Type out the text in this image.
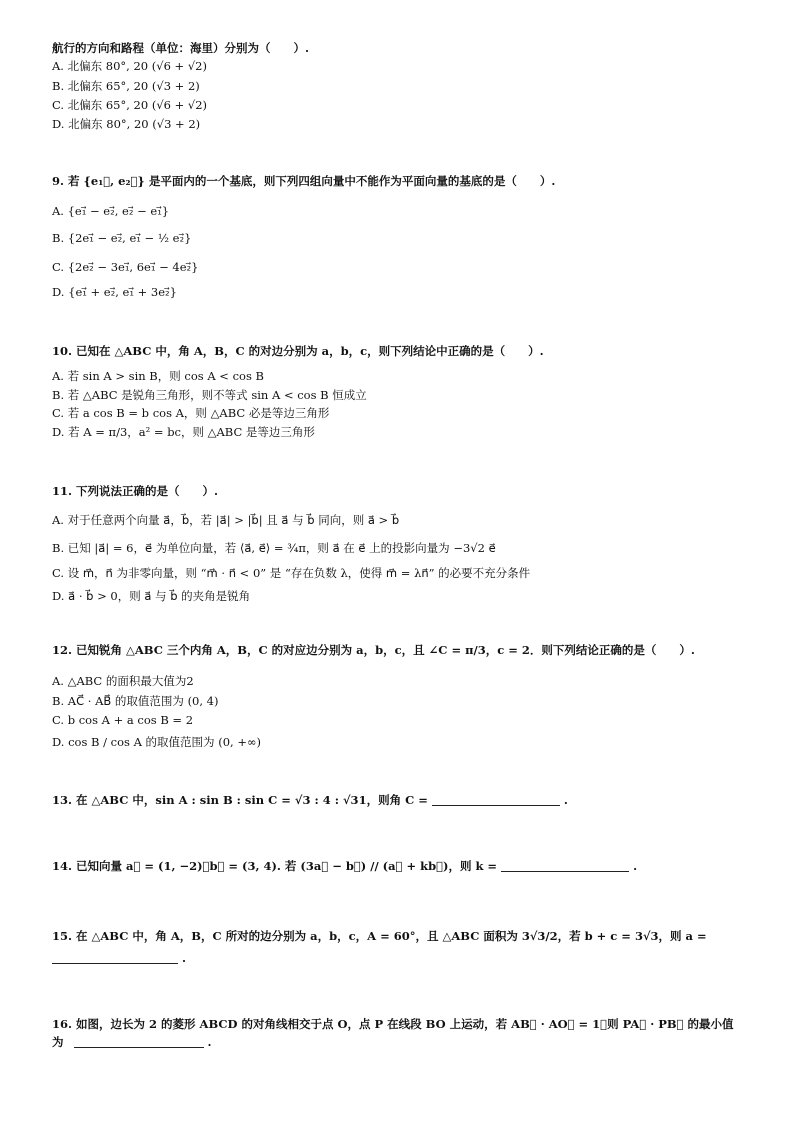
航行的方向和路程（单位：海里）分别为（　　）.
A. 北偏东 80°, 20 (√6 + √2)
B. 北偏东 65°, 20 (√3 + 2)
C. 北偏东 65°, 20 (√6 + √2)
D. 北偏东 80°, 20 (√3 + 2)
9. 若 {e₁⃗, e₂⃗} 是平面内的一个基底，则下列四组向量中不能作为平面向量的基底的是（　　）.
A. {e₁⃗ − e₂⃗, e₂⃗ − e₁⃗}
B. {2e₁⃗ − e₂⃗, e₁⃗ − ½ e₂⃗}
C. {2e₂⃗ − 3e₁⃗, 6e₁⃗ − 4e₂⃗}
D. {e₁⃗ + e₂⃗, e₁⃗ + 3e₂⃗}
10. 已知在 △ABC 中，角 A，B，C 的对边分别为 a，b，c，则下列结论中正确的是（　　）.
A. 若 sin A > sin B，则 cos A < cos B
B. 若 △ABC 是锐角三角形，则不等式 sin A < cos B 恒成立
C. 若 a cos B = b cos A，则 △ABC 必是等边三角形
D. 若 A = π/3，a² = bc，则 △ABC 是等边三角形
11. 下列说法正确的是（　　）.
A. 对于任意两个向量 a⃗，b⃗，若 |a⃗| > |b⃗| 且 a⃗ 与 b⃗ 同向，则 a⃗ > b⃗
B. 已知 |a⃗| = 6，e⃗ 为单位向量，若 ⟨a⃗, e⃗⟩ = ¾π，则 a⃗ 在 e⃗ 上的投影向量为 −3√2 e⃗
C. 设 m⃗，n⃗ 为非零向量，则 “m⃗ · n⃗ < 0” 是 “存在负数 λ，使得 m⃗ = λn⃗” 的必要不充分条件
D. a⃗ · b⃗ > 0，则 a⃗ 与 b⃗ 的夹角是锐角
12. 已知锐角 △ABC 三个内角 A，B，C 的对应边分别为 a，b，c，且 ∠C = π/3，c = 2．则下列结论正确的是（　　）.
A. △ABC 的面积最大值为2
B. AC⃗ · AB⃗ 的取值范围为 (0, 4)
C. b cos A + a cos B = 2
D. cos B / cos A 的取值范围为 (0, +∞)
13. 在 △ABC 中，sin A : sin B : sin C = √3 : 4 : √31，则角 C =	.
14. 已知向量 a⃗ = (1, −2)，b⃗ = (3, 4). 若 (3a⃗ − b⃗) // (a⃗ + kb⃗)，则 k =	.
15. 在 △ABC 中，角 A，B，C 所对的边分别为 a，b，c，A = 60°，且 △ABC 面积为 3√3/2，若 b + c = 3√3，则 a =
.
16. 如图，边长为 2 的菱形 ABCD 的对角线相交于点 O，点 P 在线段 BO 上运动，若 AB⃗ · AO⃗ = 1，则 PA⃗ · PB⃗ 的最小值
为	.
